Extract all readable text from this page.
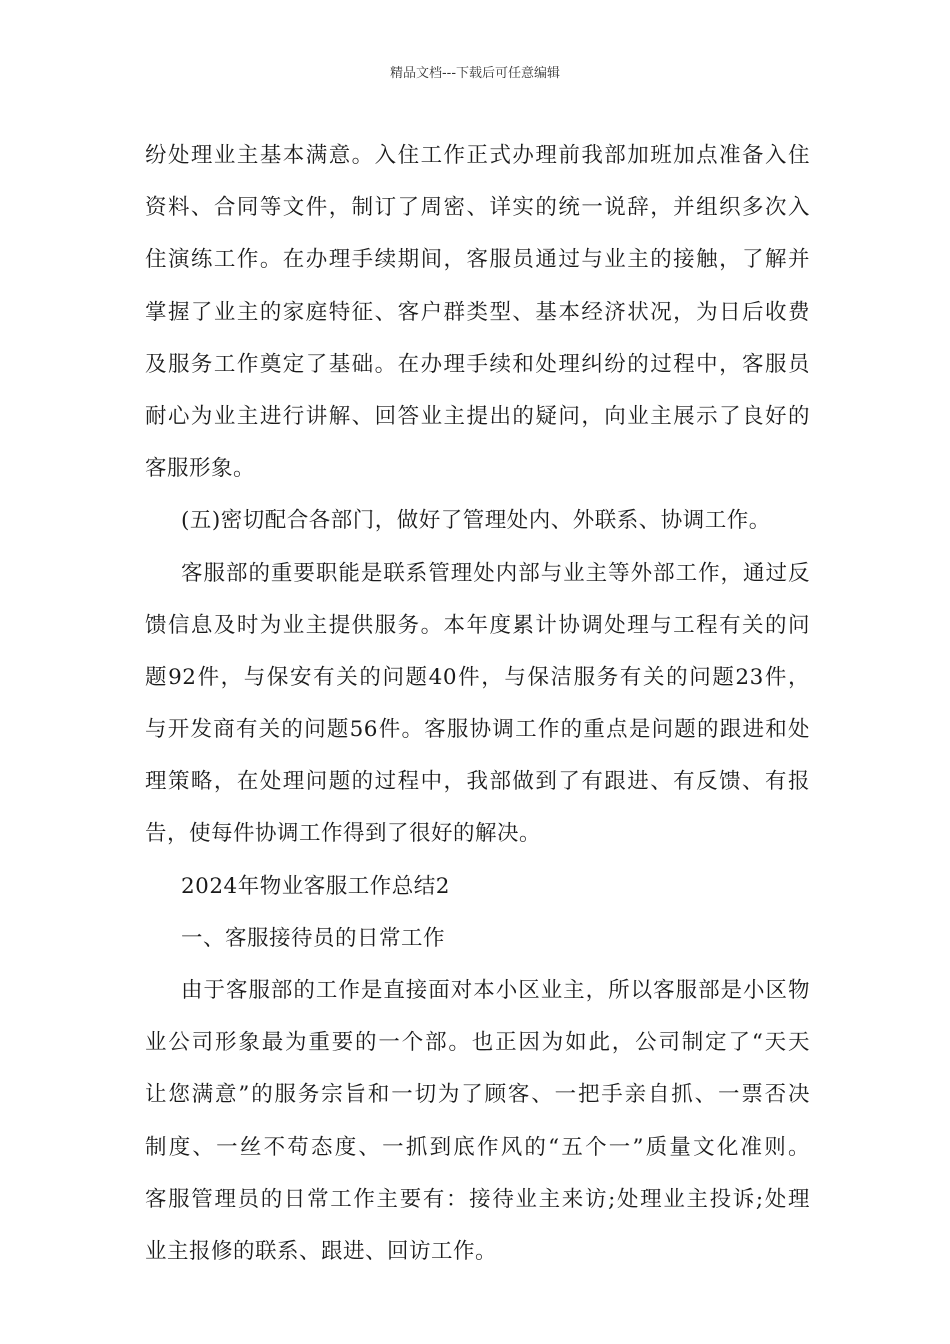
精品文档---下载后可任意编辑
纷处理业主基本满意。入住工作正式办理前我部加班加点准备入住
资料、合同等文件，制订了周密、详实的统一说辞，并组织多次入
住演练工作。在办理手续期间，客服员通过与业主的接触，了解并
掌握了业主的家庭特征、客户群类型、基本经济状况，为日后收费
及服务工作奠定了基础。在办理手续和处理纠纷的过程中，客服员
耐心为业主进行讲解、回答业主提出的疑问，向业主展示了良好的
客服形象。
(五)密切配合各部门，做好了管理处内、外联系、协调工作。
客服部的重要职能是联系管理处内部与业主等外部工作，通过反
馈信息及时为业主提供服务。本年度累计协调处理与工程有关的问
题92件，与保安有关的问题40件，与保洁服务有关的问题23件，
与开发商有关的问题56件。客服协调工作的重点是问题的跟进和处
理策略，在处理问题的过程中，我部做到了有跟进、有反馈、有报
告，使每件协调工作得到了很好的解决。
2024年物业客服工作总结2
一、客服接待员的日常工作
由于客服部的工作是直接面对本小区业主，所以客服部是小区物
业公司形象最为重要的一个部。也正因为如此，公司制定了“天天
让您满意”的服务宗旨和一切为了顾客、一把手亲自抓、一票否决
制度、一丝不苟态度、一抓到底作风的“五个一”质量文化准则。
客服管理员的日常工作主要有：接待业主来访;处理业主投诉;处理
业主报修的联系、跟进、回访工作。
